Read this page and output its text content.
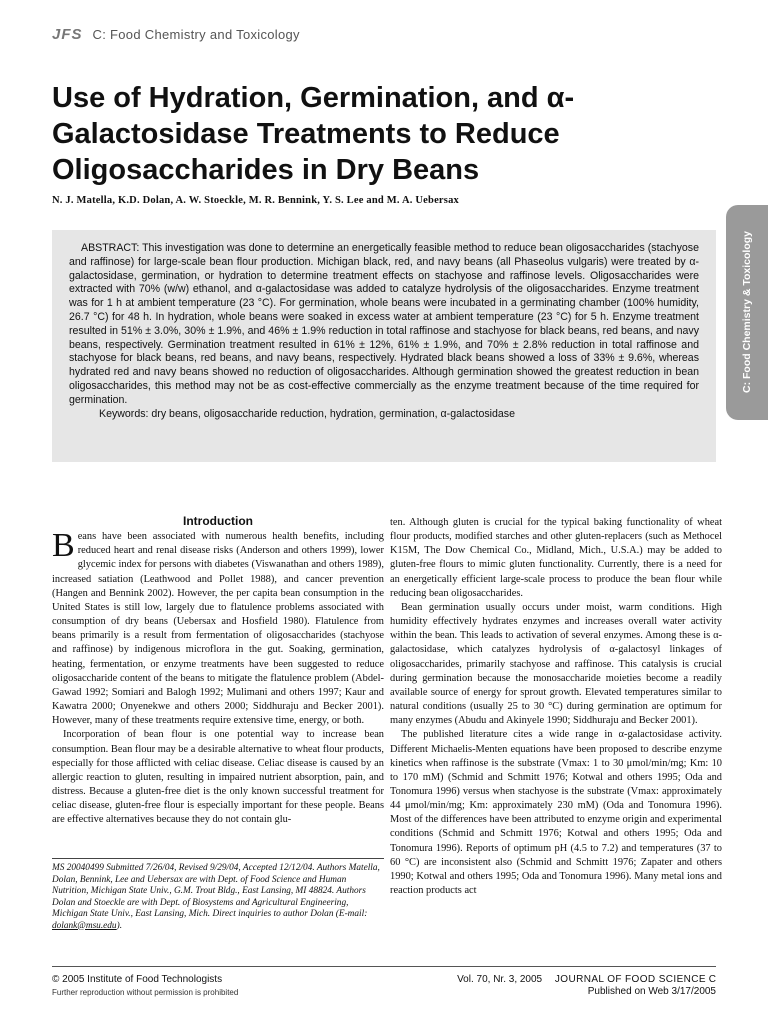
JFS C: Food Chemistry and Toxicology
C: Food Chemistry & Toxicology
Use of Hydration, Germination, and α-Galactosidase Treatments to Reduce Oligosaccharides in Dry Beans
N. J. Matella, K.D. Dolan, A. W. Stoeckle, M. R. Bennink, Y. S. Lee and M. A. Uebersax

ABSTRACT: This investigation was done to determine an energetically feasible method to reduce bean oligosaccharides (stachyose and raffinose) for large-scale bean flour production. Michigan black, red, and navy beans (all Phaseolus vulgaris) were treated by α-galactosidase, germination, or hydration to determine treatment effects on stachyose and raffinose levels. Oligosaccharides were extracted with 70% (w/w) ethanol, and α-galactosidase was added to catalyze hydrolysis of the oligosaccharides. Enzyme treatment was for 1 h at ambient temperature (23 °C). For germination, whole beans were incubated in a germinating chamber (100% humidity, 26.7 °C) for 48 h. In hydration, whole beans were soaked in excess water at ambient temperature (23 °C) for 5 h. Enzyme treatment resulted in 51% ± 3.0%, 30% ± 1.9%, and 46% ± 1.9% reduction in total raffinose and stachyose for black beans, red beans, and navy beans, respectively. Germination treatment resulted in 61% ± 12%, 61% ± 1.9%, and 70% ± 2.8% reduction in total raffinose and stachyose for black beans, red beans, and navy beans, respectively. Hydrated black beans showed a loss of 33% ± 9.6%, whereas hydrated red and navy beans showed no reduction of oligosaccharides. Although germination showed the greatest reduction in bean oligosaccharides, this method may not be as cost-effective commercially as the enzyme treatment because of the time required for germination.

Keywords: dry beans, oligosaccharide reduction, hydration, germination, α-galactosidase

Introduction

Beans have been associated with numerous health benefits, including reduced heart and renal disease risks (Anderson and others 1999), lower glycemic index for persons with diabetes (Viswanathan and others 1989), increased satiation (Leathwood and Pollet 1988), and cancer prevention (Hangen and Bennink 2002). However, the per capita bean consumption in the United States is still low, largely due to flatulence problems associated with consumption of dry beans (Uebersax and Hosfield 1980). Flatulence from beans primarily is a result from fermentation of oligosaccharides (stachyose and raffinose) by indigenous microflora in the gut. Soaking, germination, heating, fermentation, or enzyme treatments have been suggested to reduce oligosaccharide content of the beans to mitigate the flatulence problem (Abdel-Gawad 1992; Somiari and Balogh 1992; Mulimani and others 1997; Kaur and Kawatra 2000; Onyenekwe and others 2000; Siddhuraju and Becker 2001). However, many of these treatments require extensive time, energy, or both.

Incorporation of bean flour is one potential way to increase bean consumption. Bean flour may be a desirable alternative to wheat flour products, especially for those afflicted with celiac disease. Celiac disease is caused by an allergic reaction to gluten, resulting in impaired nutrient absorption, pain, and distress. Because a gluten-free diet is the only known successful treatment for celiac disease, gluten-free flour is especially important for these people. Beans are effective alternatives because they do not contain glu-

MS 20040499 Submitted 7/26/04, Revised 9/29/04, Accepted 12/12/04. Authors Matella, Dolan, Bennink, Lee and Uebersax are with Dept. of Food Science and Human Nutrition, Michigan State Univ., G.M. Trout Bldg., East Lansing, MI 48824. Authors Dolan and Stoeckle are with Dept. of Biosystems and Agricultural Engineering, Michigan State Univ., East Lansing, Mich. Direct inquiries to author Dolan (E-mail: dolank@msu.edu).

ten. Although gluten is crucial for the typical baking functionality of wheat flour products, modified starches and other gluten-replacers (such as Methocel K15M, The Dow Chemical Co., Midland, Mich., U.S.A.) may be added to gluten-free flours to mimic gluten functionality. Currently, there is a need for an energetically efficient large-scale process to produce the bean flour while reducing bean oligosaccharides.

Bean germination usually occurs under moist, warm conditions. High humidity effectively hydrates enzymes and increases overall water activity within the bean. This leads to activation of several enzymes. Among these is α-galactosidase, which catalyzes hydrolysis of α-galactosyl linkages of oligosaccharides, primarily stachyose and raffinose. This catalysis is crucial during germination because the monosaccharide moieties become a readily available source of energy for sprout growth. Elevated temperatures similar to natural conditions (usually 25 to 30 °C) during germination are optimum for many enzymes (Abudu and Akinyele 1990; Siddhuraju and Becker 2001).

The published literature cites a wide range in α-galactosidase activity. Different Michaelis-Menten equations have been proposed to describe enzyme kinetics when raffinose is the substrate (Vmax: 1 to 30 μmol/min/mg; Km: 10 to 170 mM) (Schmid and Schmitt 1976; Kotwal and others 1995; Oda and Tonomura 1996) versus when stachyose is the substrate (Vmax: approximately 44 μmol/min/mg; Km: approximately 230 mM) (Oda and Tonomura 1996). Most of the differences have been attributed to enzyme origin and experimental conditions (Schmid and Schmitt 1976; Kotwal and others 1995; Oda and Tonomura 1996). Reports of optimum pH (4.5 to 7.2) and temperatures (37 to 60 °C) are inconsistent also (Schmid and Schmitt 1976; Zapater and others 1990; Kotwal and others 1995; Oda and Tonomura 1996). Many metal ions and reaction products act

© 2005 Institute of Food Technologists
Further reproduction without permission is prohibited
Vol. 70, Nr. 3, 2005 JOURNAL OF FOOD SCIENCE C
Published on Web 3/17/2005
